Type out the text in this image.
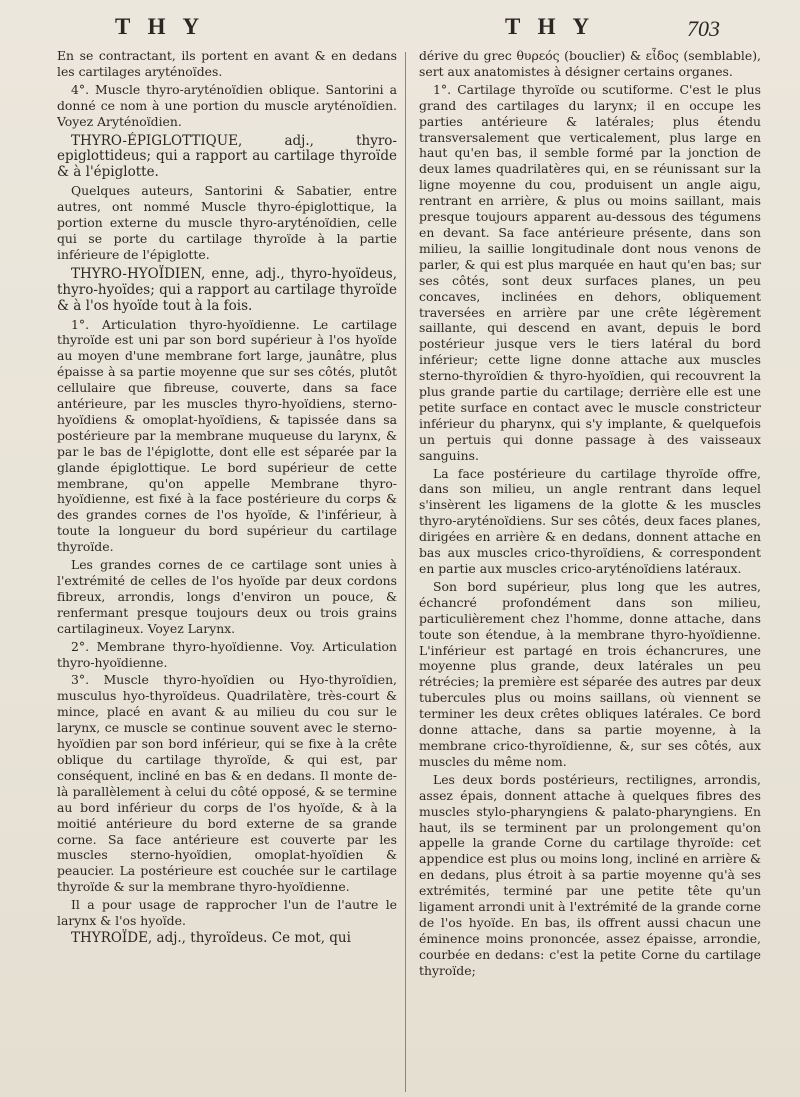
T H Y	T H Y	703

En se contractant, ils portent en avant & en dedans les cartilages aryténoïdes.

4°. Muscle thyro-aryténoïdien oblique. Santorini a donné ce nom à une portion du muscle aryténoïdien. Voyez Aryténoïdien.

THYRO-ÉPIGLOTTIQUE, adj., thyro-epiglottideus; qui a rapport au cartilage thyroïde & à l'épiglotte.

Quelques auteurs, Santorini & Sabatier, entre autres, ont nommé Muscle thyro-épiglottique, la portion externe du muscle thyro-aryténoïdien, celle qui se porte du cartilage thyroïde à la partie inférieure de l'épiglotte.

THYRO-HYOÏDIEN, enne, adj., thyro-hyoïdeus, thyro-hyoïdes; qui a rapport au cartilage thyroïde & à l'os hyoïde tout à la fois.

1°. Articulation thyro-hyoïdienne. Le cartilage thyroïde est uni par son bord supérieur à l'os hyoïde au moyen d'une membrane fort large, jaunâtre, plus épaisse à sa partie moyenne que sur ses côtés, plutôt cellulaire que fibreuse, couverte, dans sa face antérieure, par les muscles thyro-hyoïdiens, sterno-hyoïdiens & omoplat-hyoïdiens, & tapissée dans sa postérieure par la membrane muqueuse du larynx, & par le bas de l'épiglotte, dont elle est séparée par la glande épiglottique. Le bord supérieur de cette membrane, qu'on appelle Membrane thyro-hyoïdienne, est fixé à la face postérieure du corps & des grandes cornes de l'os hyoïde, & l'inférieur, à toute la longueur du bord supérieur du cartilage thyroïde.

Les grandes cornes de ce cartilage sont unies à l'extrémité de celles de l'os hyoïde par deux cordons fibreux, arrondis, longs d'environ un pouce, & renfermant presque toujours deux ou trois grains cartilagineux. Voyez Larynx.

2°. Membrane thyro-hyoïdienne. Voy. Articulation thyro-hyoïdienne.

3°. Muscle thyro-hyoïdien ou Hyo-thyroïdien, musculus hyo-thyroïdeus. Quadrilatère, très-court & mince, placé en avant & au milieu du cou sur le larynx, ce muscle se continue souvent avec le sterno-hyoïdien par son bord inférieur, qui se fixe à la crête oblique du cartilage thyroïde, & qui est, par conséquent, incliné en bas & en dedans. Il monte de-là parallèlement à celui du côté opposé, & se termine au bord inférieur du corps de l'os hyoïde, & à la moitié antérieure du bord externe de sa grande corne. Sa face antérieure est couverte par les muscles sterno-hyoïdien, omoplat-hyoïdien & peaucier. La postérieure est couchée sur le cartilage thyroïde & sur la membrane thyro-hyoïdienne.

Il a pour usage de rapprocher l'un de l'autre le larynx & l'os hyoïde.

THYROÏDE, adj., thyroïdeus. Ce mot, qui

dérive du grec θυρεός (bouclier) & εἶδος (semblable), sert aux anatomistes à désigner certains organes.

1°. Cartilage thyroïde ou scutiforme. C'est le plus grand des cartilages du larynx; il en occupe les parties antérieure & latérales; plus étendu transversalement que verticalement, plus large en haut qu'en bas, il semble formé par la jonction de deux lames quadrilatères qui, en se réunissant sur la ligne moyenne du cou, produisent un angle aigu, rentrant en arrière, & plus ou moins saillant, mais presque toujours apparent au-dessous des tégumens en devant. Sa face antérieure présente, dans son milieu, la saillie longitudinale dont nous venons de parler, & qui est plus marquée en haut qu'en bas; sur ses côtés, sont deux surfaces planes, un peu concaves, inclinées en dehors, obliquement traversées en arrière par une crête légèrement saillante, qui descend en avant, depuis le bord postérieur jusque vers le tiers latéral du bord inférieur; cette ligne donne attache aux muscles sterno-thyroïdien & thyro-hyoïdien, qui recouvrent la plus grande partie du cartilage; derrière elle est une petite surface en contact avec le muscle constricteur inférieur du pharynx, qui s'y implante, & quelquefois un pertuis qui donne passage à des vaisseaux sanguins.

La face postérieure du cartilage thyroïde offre, dans son milieu, un angle rentrant dans lequel s'insèrent les ligamens de la glotte & les muscles thyro-aryténoïdiens. Sur ses côtés, deux faces planes, dirigées en arrière & en dedans, donnent attache en bas aux muscles crico-thyroïdiens, & correspondent en partie aux muscles crico-aryténoïdiens latéraux.

Son bord supérieur, plus long que les autres, échancré profondément dans son milieu, particulièrement chez l'homme, donne attache, dans toute son étendue, à la membrane thyro-hyoïdienne. L'inférieur est partagé en trois échancrures, une moyenne plus grande, deux latérales un peu rétrécies; la première est séparée des autres par deux tubercules plus ou moins saillans, où viennent se terminer les deux crêtes obliques latérales. Ce bord donne attache, dans sa partie moyenne, à la membrane crico-thyroïdienne, &, sur ses côtés, aux muscles du même nom.

Les deux bords postérieurs, rectilignes, arrondis, assez épais, donnent attache à quelques fibres des muscles stylo-pharyngiens & palato-pharyngiens. En haut, ils se terminent par un prolongement qu'on appelle la grande Corne du cartilage thyroïde: cet appendice est plus ou moins long, incliné en arrière & en dedans, plus étroit à sa partie moyenne qu'à ses extrémités, terminé par une petite tête qu'un ligament arrondi unit à l'extrémité de la grande corne de l'os hyoïde. En bas, ils offrent aussi chacun une éminence moins prononcée, assez épaisse, arrondie, courbée en dedans: c'est la petite Corne du cartilage thyroïde;
